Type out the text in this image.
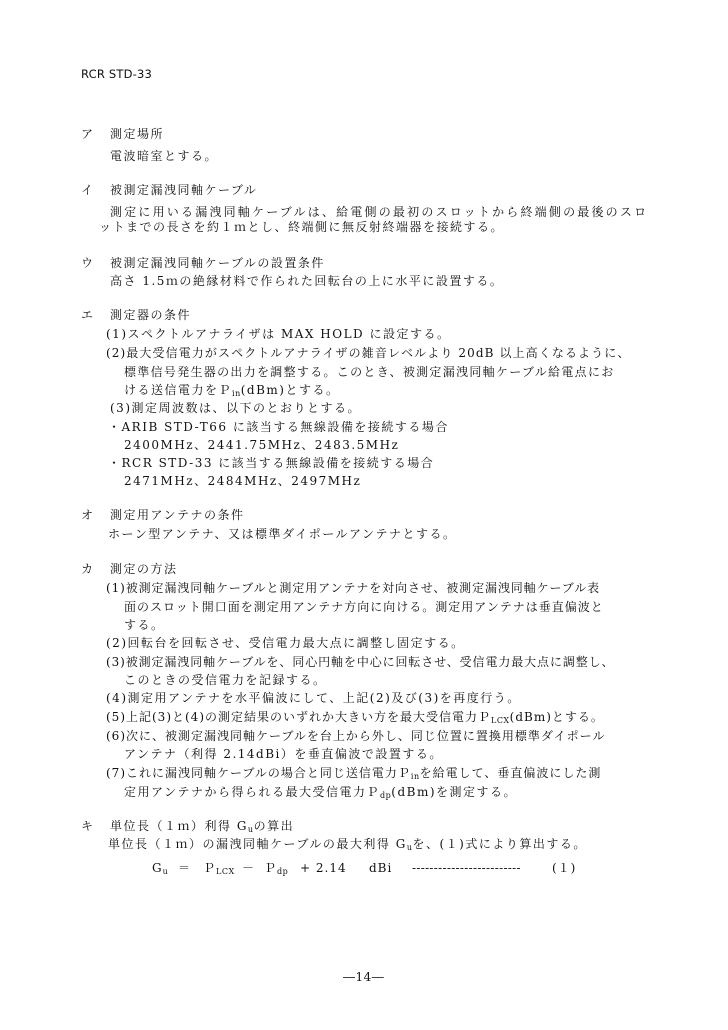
RCR STD-33
ア 測定場所
電波暗室とする。
イ 被測定漏洩同軸ケーブル
測定に用いる漏洩同軸ケーブルは、給電側の最初のスロットから終端側の最後のスロ
ットまでの長さを約１ｍとし、終端側に無反射終端器を接続する。
ウ 被測定漏洩同軸ケーブルの設置条件
高さ 1.5ｍの絶縁材料で作られた回転台の上に水平に設置する。
エ 測定器の条件
(1)スペクトルアナライザは MAX HOLD に設定する。
(2)最大受信電力がスペクトルアナライザの雑音レベルより 20dB 以上高くなるように、
標準信号発生器の出力を調整する。このとき、被測定漏洩同軸ケーブル給電点にお
ける送信電力をＰ$_{in}$(dBm)とする。
(3)測定周波数は、以下のとおりとする。
・ARIB STD-T66 に該当する無線設備を接続する場合
2400MHz、2441.75MHz、2483.5MHz
・RCR STD-33 に該当する無線設備を接続する場合
2471MHz、2484MHz、2497MHz
オ 測定用アンテナの条件
ホーン型アンテナ、又は標準ダイポールアンテナとする。
カ 測定の方法
(1)被測定漏洩同軸ケーブルと測定用アンテナを対向させ、被測定漏洩同軸ケーブル表
面のスロット開口面を測定用アンテナ方向に向ける。測定用アンテナは垂直偏波と
する。
(2)回転台を回転させ、受信電力最大点に調整し固定する。
(3)被測定漏洩同軸ケーブルを、同心円軸を中心に回転させ、受信電力最大点に調整し、
このときの受信電力を記録する。
(4)測定用アンテナを水平偏波にして、上記(2)及び(3)を再度行う。
(5)上記(3)と(4)の測定結果のいずれか大きい方を最大受信電力Ｐ$_{LCX}$(dBm)とする。
(6)次に、被測定漏洩同軸ケーブルを台上から外し、同じ位置に置換用標準ダイポール
アンテナ（利得 2.14dBi）を垂直偏波で設置する。
(7)これに漏洩同軸ケーブルの場合と同じ送信電力Ｐ$_{in}$を給電して、垂直偏波にした測
定用アンテナから得られる最大受信電力Ｐ$_{dp}$(dBm)を測定する。
キ 単位長（１ｍ）利得 $G_u$の算出
単位長（１ｍ）の漏洩同軸ケーブルの最大利得 $G_u$を、(１)式により算出する。
$G_u$ ＝ Ｐ$_{LCX}$ － Ｐ$_{dp}$ + 2.14 dBi -------------------------	(１)
―14―
